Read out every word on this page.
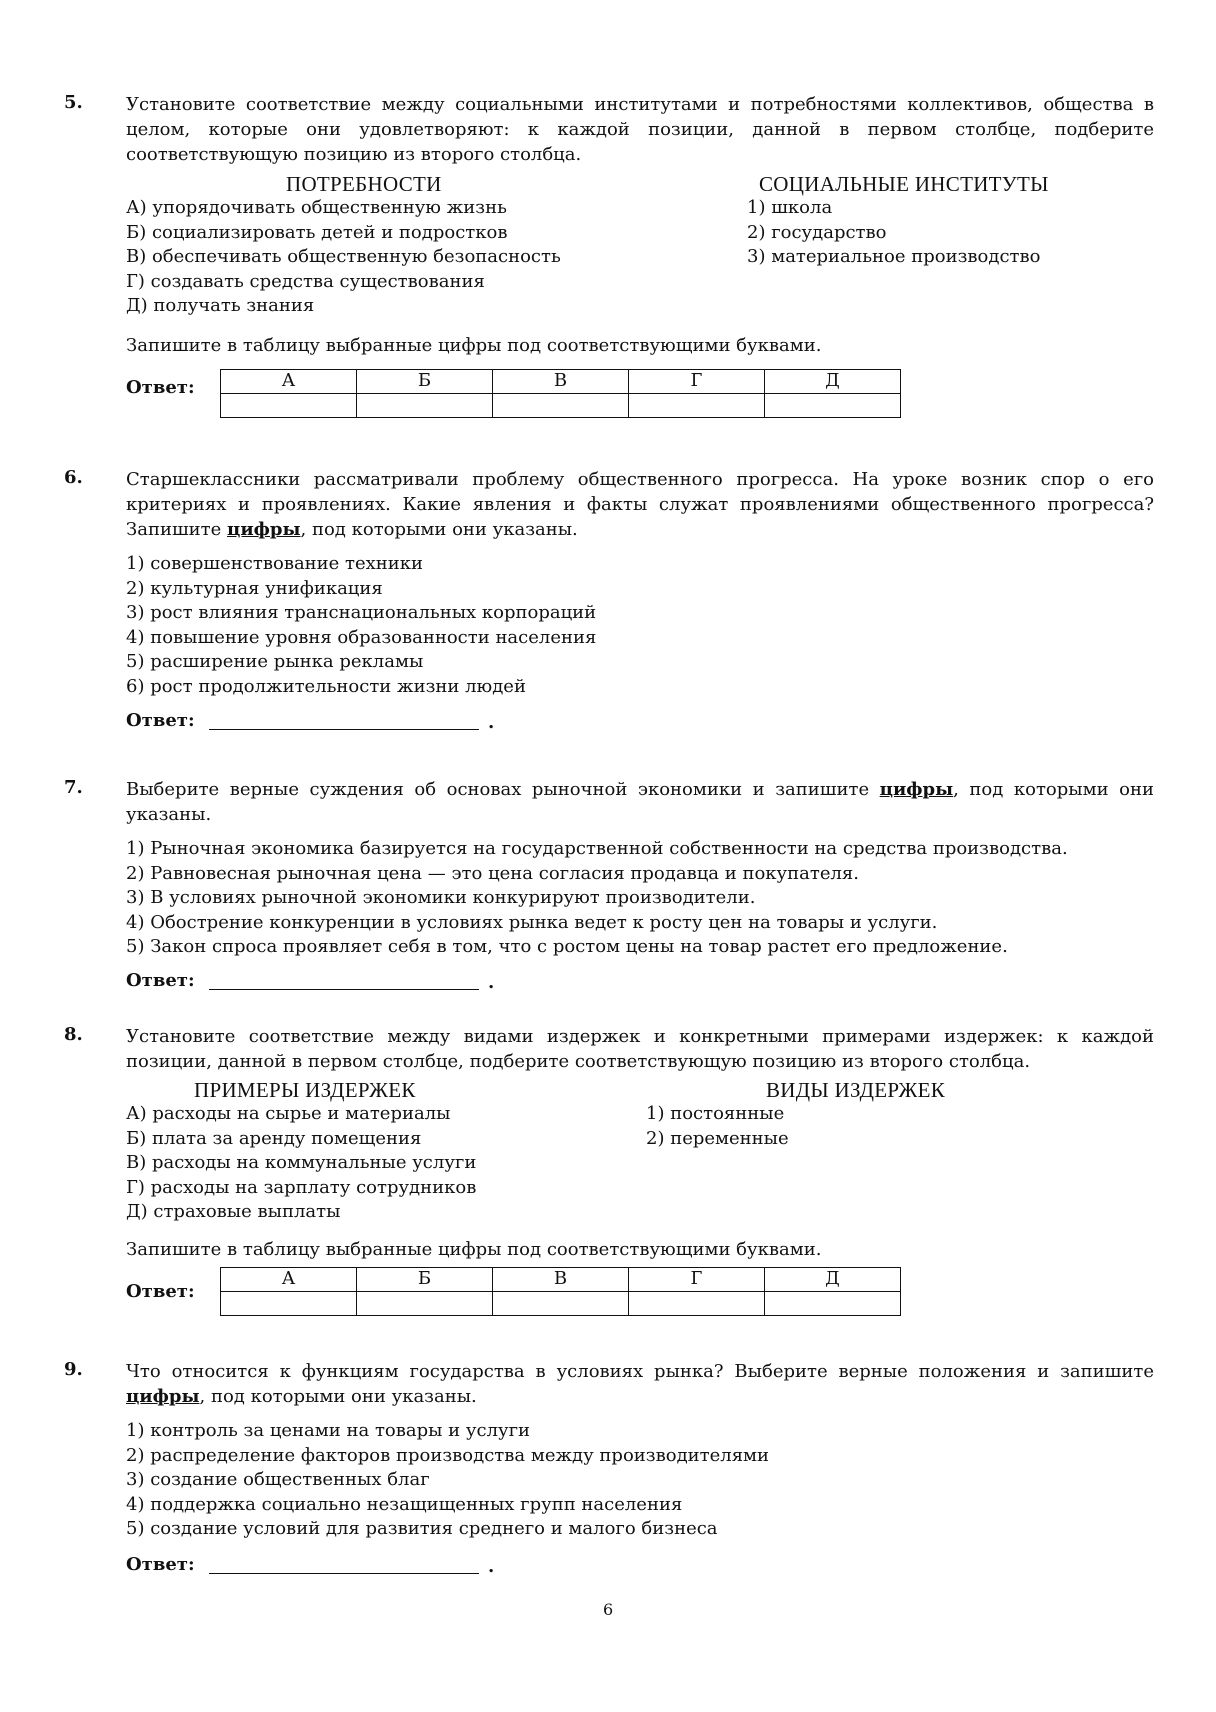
5. Установите соответствие между социальными институтами и потребностями коллективов, общества в целом, которые они удовлетворяют: к каждой позиции, данной в первом столбце, подберите соответствующую позицию из второго столбца.

ПОТРЕБНОСТИ
А) упорядочивать общественную жизнь
Б) социализировать детей и подростков
В) обеспечивать общественную безопасность
Г) создавать средства существования
Д) получать знания
СОЦИАЛЬНЫЕ ИНСТИТУТЫ
1) школа
2) государство
3) материальное производство
Запишите в таблицу выбранные цифры под соответствующими буквами.
Ответ:	А	Б	В	Г	Д

6. Старшеклассники рассматривали проблему общественного прогресса. На уроке возник спор о его критериях и проявлениях. Какие явления и факты служат проявлениями общественного прогресса? Запишите цифры, под которыми они указаны.

1) совершенствование техники
2) культурная унификация
3) рост влияния транснациональных корпораций
4) повышение уровня образованности населения
5) расширение рынка рекламы
6) рост продолжительности жизни людей
Ответ:	.
7. Выберите верные суждения об основах рыночной экономики и запишите цифры, под которыми они указаны.

1) Рыночная экономика базируется на государственной собственности на средства производства.
2) Равновесная рыночная цена — это цена согласия продавца и покупателя.
3) В условиях рыночной экономики конкурируют производители.
4) Обострение конкуренции в условиях рынка ведет к росту цен на товары и услуги.
5) Закон спроса проявляет себя в том, что с ростом цены на товар растет его предложение.
Ответ:	.
8. Установите соответствие между видами издержек и конкретными примерами издержек: к каждой позиции, данной в первом столбце, подберите соответствующую позицию из второго столбца.

ПРИМЕРЫ ИЗДЕРЖЕК
А) расходы на сырье и материалы
Б) плата за аренду помещения
В) расходы на коммунальные услуги
Г) расходы на зарплату сотрудников
Д) страховые выплаты
ВИДЫ ИЗДЕРЖЕК
1) постоянные
2) переменные
Запишите в таблицу выбранные цифры под соответствующими буквами.
Ответ:
А	Б	В	Г	Д

9. Что относится к функциям государства в условиях рынка? Выберите верные положения и запишите цифры, под которыми они указаны.

1) контроль за ценами на товары и услуги
2) распределение факторов производства между производителями
3) создание общественных благ
4) поддержка социально незащищенных групп населения
5) создание условий для развития среднего и малого бизнеса
Ответ:	.
6
